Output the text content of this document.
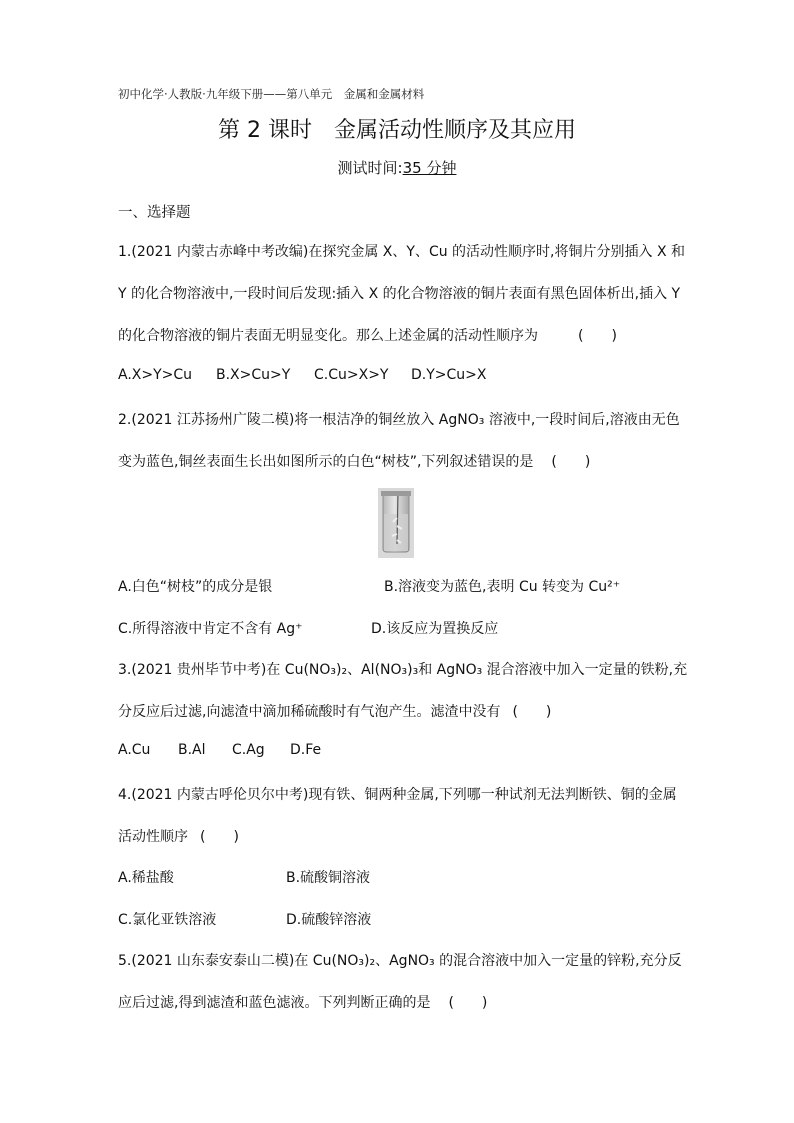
初中化学·人教版·九年级下册——第八单元　金属和金属材料
第 2 课时　金属活动性顺序及其应用
测试时间:35 分钟
一、选择题
1.(2021 内蒙古赤峰中考改编)在探究金属 X、Y、Cu 的活动性顺序时,将铜片分别插入 X 和
Y 的化合物溶液中,一段时间后发现:插入 X 的化合物溶液的铜片表面有黑色固体析出,插入 Y
的化合物溶液的铜片表面无明显变化。那么上述金属的活动性顺序为	(　　)
A.X>Y>Cu B.X>Cu>Y C.Cu>X>Y D.Y>Cu>X
2.(2021 江苏扬州广陵二模)将一根洁净的铜丝放入 AgNO₃ 溶液中,一段时间后,溶液由无色
变为蓝色,铜丝表面生长出如图所示的白色“树枝”,下列叙述错误的是 (　　)
A.白色“树枝”的成分是银	B.溶液变为蓝色,表明 Cu 转变为 Cu²⁺
C.所得溶液中肯定不含有 Ag⁺	D.该反应为置换反应
3.(2021 贵州毕节中考)在 Cu(NO₃)₂、Al(NO₃)₃和 AgNO₃ 混合溶液中加入一定量的铁粉,充
分反应后过滤,向滤渣中滴加稀硫酸时有气泡产生。滤渣中没有 (　　)
A.Cu B.Al C.Ag D.Fe
4.(2021 内蒙古呼伦贝尔中考)现有铁、铜两种金属,下列哪一种试剂无法判断铁、铜的金属
活动性顺序 (　　)
A.稀盐酸	B.硫酸铜溶液
C.氯化亚铁溶液	D.硫酸锌溶液
5.(2021 山东泰安泰山二模)在 Cu(NO₃)₂、AgNO₃ 的混合溶液中加入一定量的锌粉,充分反
应后过滤,得到滤渣和蓝色滤液。下列判断正确的是 (　　)
